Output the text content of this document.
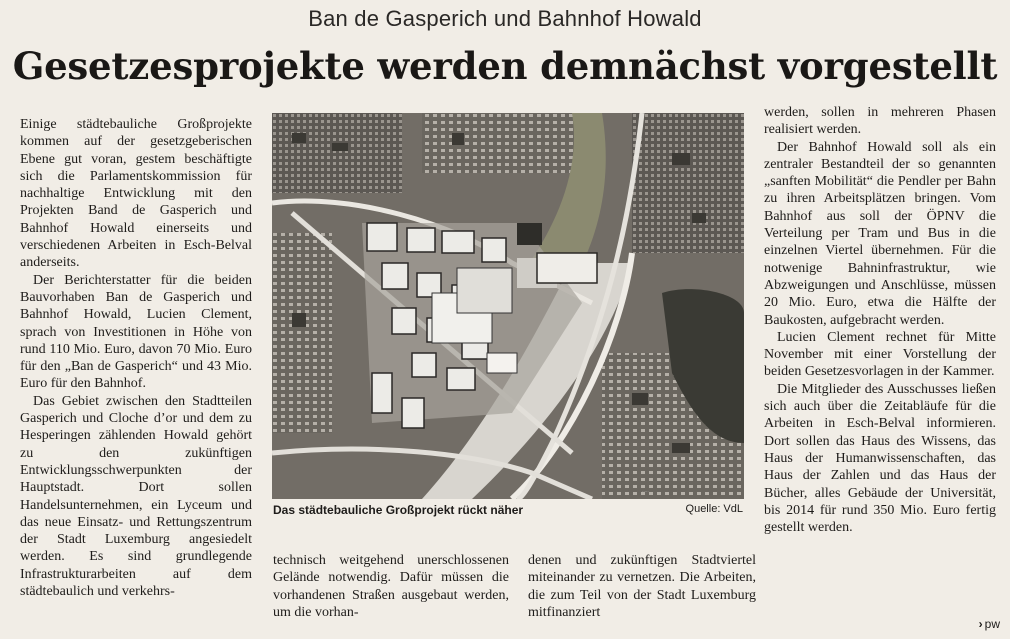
Ban de Gasperich und Bahnhof Howald
Gesetzesprojekte werden demnächst vorgestellt

Einige städtebauliche Großprojekte kommen auf der gesetzgeberischen Ebene gut voran, gestem beschäftigte sich die Parlamentskommission für nachhaltige Entwicklung mit den Projekten Band de Gasperich und Bahnhof Howald einerseits und verschiedenen Arbeiten in Esch-Belval anderseits.

Der Berichterstatter für die beiden Bauvorhaben Ban de Gasperich und Bahnhof Howald, Lucien Clement, sprach von Investitionen in Höhe von rund 110 Mio. Euro, davon 70 Mio. Euro für den „Ban de Gasperich“ und 43 Mio. Euro für den Bahnhof.

Das Gebiet zwischen den Stadtteilen Gasperich und Cloche d’or und dem zu Hesperingen zählenden Howald gehört zu den zukünftigen Entwicklungsschwerpunkten der Hauptstadt. Dort sollen Handelsunternehmen, ein Lyceum und das neue Einsatz- und Rettungszentrum der Stadt Luxemburg angesiedelt werden. Es sind grundlegende Infrastrukturarbeiten auf dem städtebaulich und verkehrs-

·····
Das städtebauliche Großprojekt rückt näher	Quelle: VdL

technisch weitgehend unerschlossenen Gelände notwendig. Dafür müssen die vorhandenen Straßen ausgebaut werden, um die vorhan-

denen und zukünftigen Stadtviertel miteinander zu vernetzen. Die Arbeiten, die zum Teil von der Stadt Luxemburg mitfinanziert

werden, sollen in mehreren Phasen realisiert werden.

Der Bahnhof Howald soll als ein zentraler Bestandteil der so genannten „sanften Mobilität“ die Pendler per Bahn zu ihren Arbeitsplätzen bringen. Vom Bahnhof aus soll der ÖPNV die Verteilung per Tram und Bus in die einzelnen Viertel übernehmen. Für die notwenige Bahninfrastruktur, wie Abzweigungen und Anschlüsse, müssen 20 Mio. Euro, etwa die Hälfte der Baukosten, aufgebracht werden.

Lucien Clement rechnet für Mitte November mit einer Vorstellung der beiden Gesetzesvorlagen in der Kammer.

Die Mitglieder des Ausschusses ließen sich auch über die Zeitabläufe für die Arbeiten in Esch-Belval informieren. Dort sollen das Haus des Wissens, das Haus der Humanwissenschaften, das Haus der Zahlen und das Haus der Bücher, alles Gebäude der Universität, bis 2014 für rund 350 Mio. Euro fertig gestellt werden.

› pw
